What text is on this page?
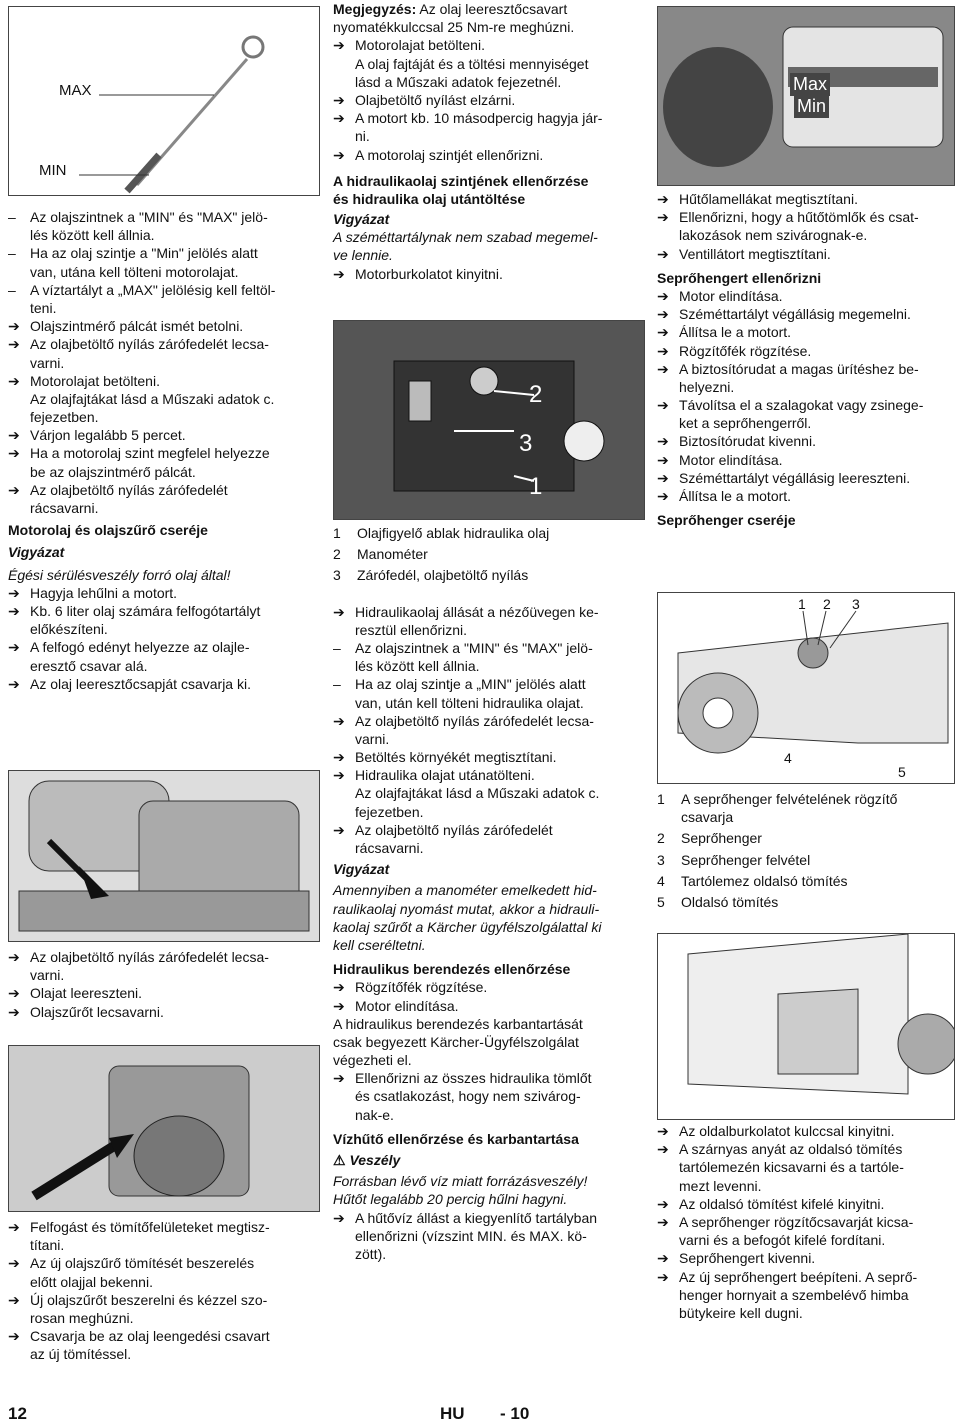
MAX
MIN
2
3
1
Max
Min
1 2 3
4
5
– Az olajszintnek a "MIN" és "MAX" jelö-
lés között kell állnia.
– Ha az olaj szintje a "Min" jelölés alatt
van, utána kell tölteni motorolajat.
– A víztartályt a „MAX" jelölésig kell feltöl-
teni.
➔ Olajszintmérő pálcát ismét betolni.
➔ Az olajbetöltő nyílás zárófedelét lecsa-
varni.
➔ Motorolajat betölteni.
Az olajfajtákat lásd a Műszaki adatok c.
fejezetben.
➔ Várjon legalább 5 percet.
➔ Ha a motorolaj szint megfelel helyezze
be az olajszintmérő pálcát.
➔ Az olajbetöltő nyílás zárófedelét
rácsavarni.
Motorolaj és olajszűrő cseréje
Vigyázat
Égési sérülésveszély forró olaj által!
➔ Hagyja lehűlni a motort.
➔ Kb. 6 liter olaj számára felfogótartályt
előkészíteni.
➔ A felfogó edényt helyezze az olajle-
eresztő csavar alá.
➔ Az olaj leeresztőcsapját csavarja ki.
➔ Az olajbetöltő nyílás zárófedelét lecsa-
varni.
➔ Olajat leereszteni.
➔ Olajszűrőt lecsavarni.
➔ Felfogást és tömítőfelületeket megtisz-
títani.
➔ Az új olajszűrő tömítését beszerelés
előtt olajjal bekenni.
➔ Új olajszűrőt beszerelni és kézzel szo-
rosan meghúzni.
➔ Csavarja be az olaj leengedési csavart
az új tömítéssel.
Megjegyzés: Az olaj leeresztőcsavart
nyomatékkulccsal 25 Nm-re meghúzni.
➔ Motorolajat betölteni.
A olaj fajtáját és a töltési mennyiséget
lásd a Műszaki adatok fejezetnél.
➔ Olajbetöltő nyílást elzárni.
➔ A motort kb. 10 másodpercig hagyja jár-
ni.
➔ A motorolaj szintjét ellenőrizni.
A hidraulikaolaj szintjének ellenőrzése
és hidraulika olaj utántöltése
Vigyázat
A széméttartálynak nem szabad megemel-
ve lennie.
➔ Motorburkolatot kinyitni.
1 Olajfigyelő ablak hidraulika olaj
2 Manométer
3 Zárófedél, olajbetöltő nyílás
➔ Hidraulikaolaj állását a nézőüvegen ke-
resztül ellenőrizni.
– Az olajszintnek a "MIN" és "MAX" jelö-
lés között kell állnia.
– Ha az olaj szintje a „MIN" jelölés alatt
van, után kell tölteni hidraulika olajat.
➔ Az olajbetöltő nyílás zárófedelét lecsa-
varni.
➔ Betöltés környékét megtisztítani.
➔ Hidraulika olajat utánatölteni.
Az olajfajtákat lásd a Műszaki adatok c.
fejezetben.
➔ Az olajbetöltő nyílás zárófedelét
rácsavarni.
Vigyázat
Amennyiben a manométer emelkedett hid-
raulikaolaj nyomást mutat, akkor a hidrauli-
kaolaj szűrőt a Kärcher ügyfélszolgálattal ki
kell cseréltetni.
Hidraulikus berendezés ellenőrzése
➔ Rögzítőfék rögzítése.
➔ Motor elindítása.
A hidraulikus berendezés karbantartását
csak begyezett Kärcher-Ügyfélszolgálat
végezheti el.
➔ Ellenőrizni az összes hidraulika tömlőt
és csatlakozást, hogy nem szivárog-
nak-e.
Vízhűtő ellenőrzése és karbantartása
⚠ Veszély
Forrásban lévő víz miatt forrázásveszély!
Hűtőt legalább 20 percig hűlni hagyni.
➔ A hűtővíz állást a kiegyenlítő tartályban
ellenőrizni (vízszint MIN. és MAX. kö-
zött).
➔ Hűtőlamellákat megtisztítani.
➔ Ellenőrizni, hogy a hűtőtömlők és csat-
lakozások nem szivárognak-e.
➔ Ventillátort megtisztítani.
Seprőhengert ellenőrizni
➔ Motor elindítása.
➔ Széméttartályt végállásig megemelni.
➔ Állítsa le a motort.
➔ Rögzítőfék rögzítése.
➔ A biztosítórudat a magas ürítéshez be-
helyezni.
➔ Távolítsa el a szalagokat vagy zsinege-
ket a seprőhengerről.
➔ Biztosítórudat kivenni.
➔ Motor elindítása.
➔ Széméttartályt végállásig leereszteni.
➔ Állítsa le a motort.
Seprőhenger cseréje
1 A seprőhenger felvételének rögzítő
csavarja
2 Seprőhenger
3 Seprőhenger felvétel
4 Tartólemez oldalsó tömítés
5 Oldalsó tömítés
➔ Az oldalburkolatot kulccsal kinyitni.
➔ A szárnyas anyát az oldalsó tömítés
tartólemezén kicsavarni és a tartóle-
mezt levenni.
➔ Az oldalsó tömítést kifelé kinyitni.
➔ A seprőhenger rögzítőcsavarját kicsa-
varni és a befogót kifelé fordítani.
➔ Seprőhengert kivenni.
➔ Az új seprőhengert beépíteni. A seprő-
henger hornyait a szembelévő himba
bütykeire kell dugni.
12	HU - 10
